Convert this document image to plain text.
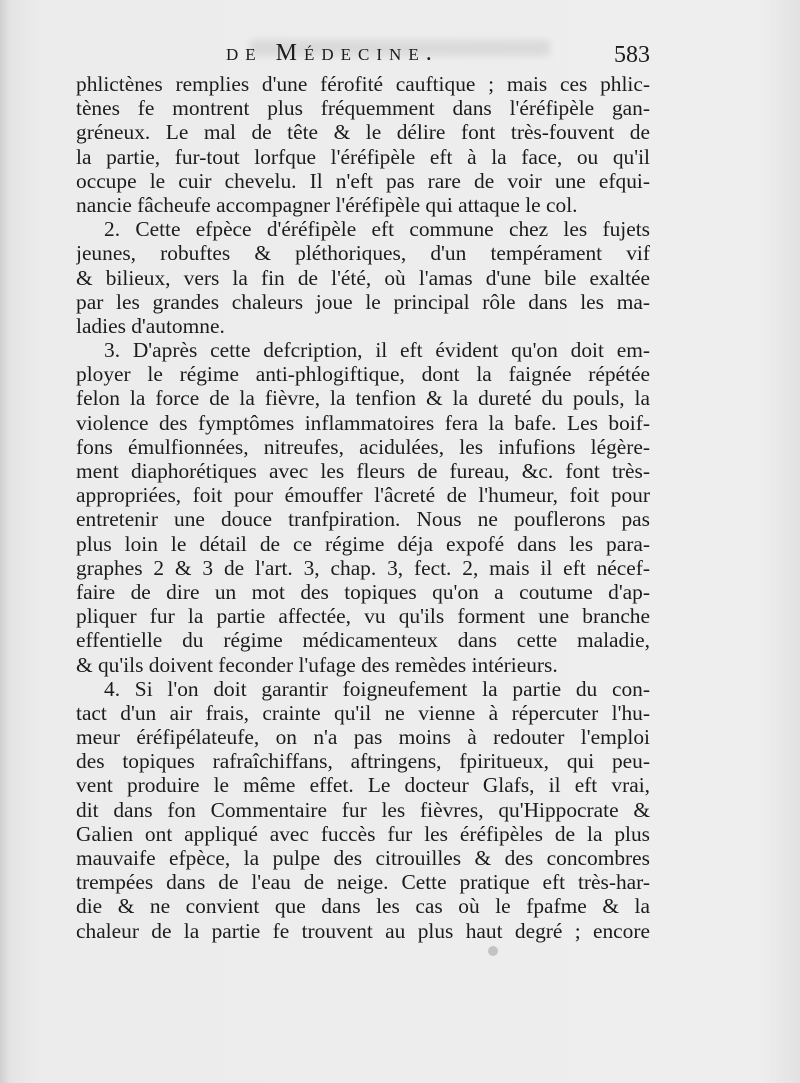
de Médecine.	583
phlictènes remplies d'une férofité cauftique ; mais ces phlic-
tènes fe montrent plus fréquemment dans l'éréfipèle gan-
gréneux. Le mal de tête & le délire font très-fouvent de
la partie, fur-tout lorfque l'éréfipèle eft à la face, ou qu'il
occupe le cuir chevelu. Il n'eft pas rare de voir une efqui-
nancie fâcheufe accompagner l'éréfipèle qui attaque le col.
2. Cette efpèce d'éréfipèle eft commune chez les fujets
jeunes, robuftes & pléthoriques, d'un tempérament vif
& bilieux, vers la fin de l'été, où l'amas d'une bile exaltée
par les grandes chaleurs joue le principal rôle dans les ma-
ladies d'automne.
3. D'après cette defcription, il eft évident qu'on doit em-
ployer le régime anti-phlogiftique, dont la faignée répétée
felon la force de la fièvre, la tenfion & la dureté du pouls, la
violence des fymptômes inflammatoires fera la bafe. Les boif-
fons émulfionnées, nitreufes, acidulées, les infufions légère-
ment diaphorétiques avec les fleurs de fureau, &c. font très-
appropriées, foit pour émouffer l'âcreté de l'humeur, foit pour
entretenir une douce tranfpiration. Nous ne pouflerons pas
plus loin le détail de ce régime déja expofé dans les para-
graphes 2 & 3 de l'art. 3, chap. 3, fect. 2, mais il eft nécef-
faire de dire un mot des topiques qu'on a coutume d'ap-
pliquer fur la partie affectée, vu qu'ils forment une branche
effentielle du régime médicamenteux dans cette maladie,
& qu'ils doivent feconder l'ufage des remèdes intérieurs.
4. Si l'on doit garantir foigneufement la partie du con-
tact d'un air frais, crainte qu'il ne vienne à répercuter l'hu-
meur éréfipélateufe, on n'a pas moins à redouter l'emploi
des topiques rafraîchiffans, aftringens, fpiritueux, qui peu-
vent produire le même effet. Le docteur Glafs, il eft vrai,
dit dans fon Commentaire fur les fièvres, qu'Hippocrate &
Galien ont appliqué avec fuccès fur les éréfipèles de la plus
mauvaife efpèce, la pulpe des citrouilles & des concombres
trempées dans de l'eau de neige. Cette pratique eft très-har-
die & ne convient que dans les cas où le fpafme & la
chaleur de la partie fe trouvent au plus haut degré ; encore
